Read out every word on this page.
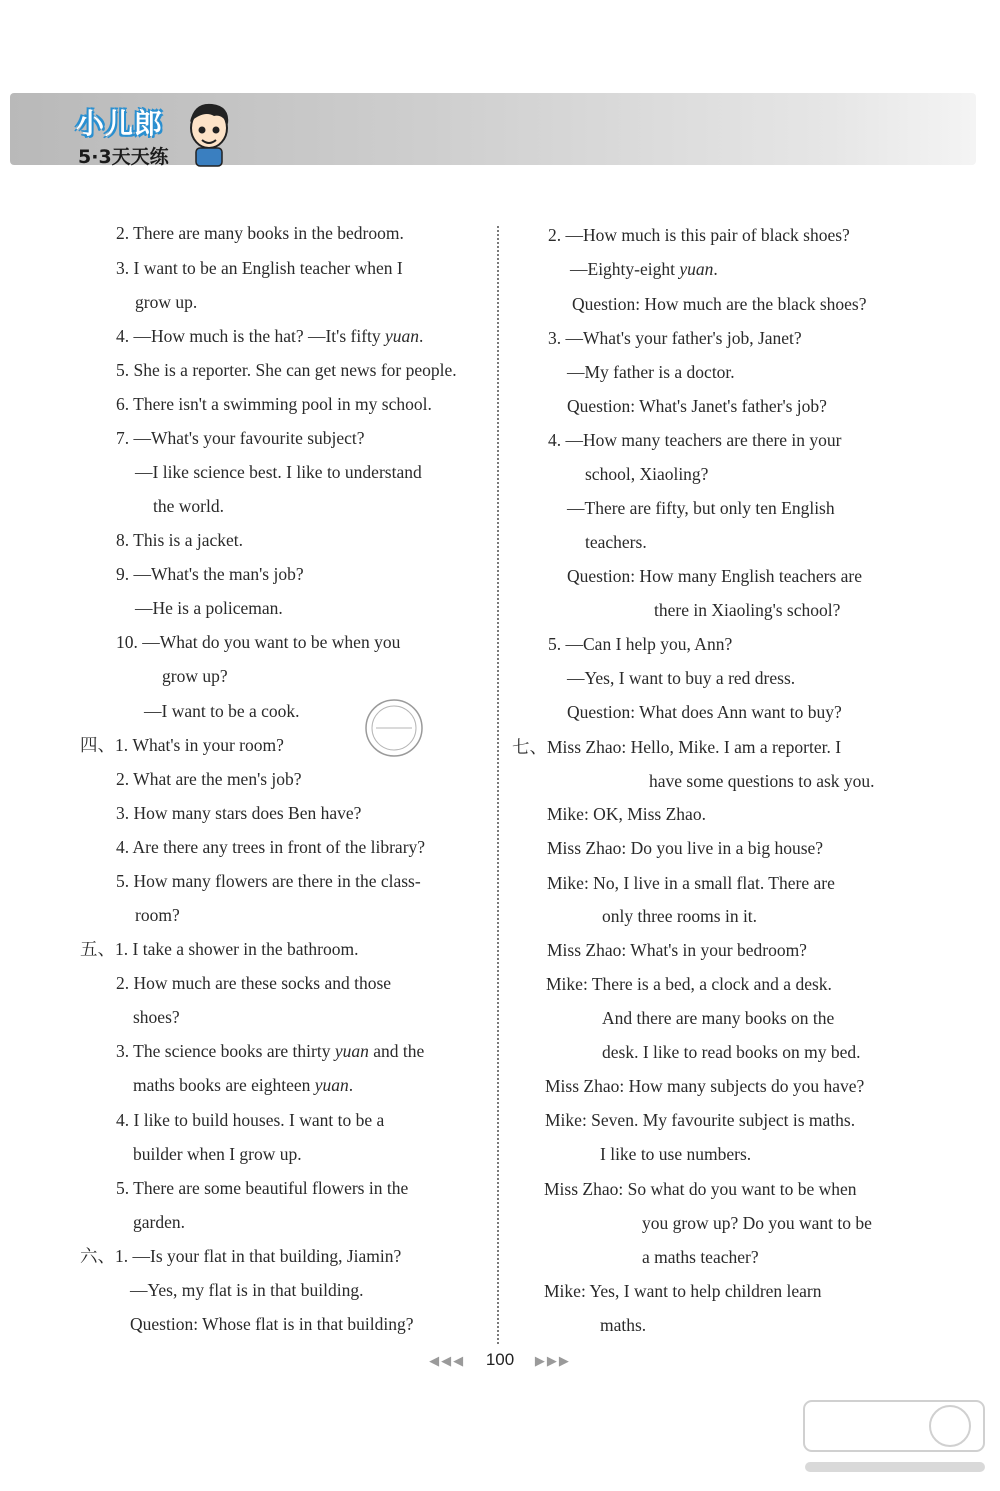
小儿郎
5·3天天练
2. There are many books in the bedroom.
3. I want to be an English teacher when I
grow up.
4. —How much is the hat? —It's fifty yuan.
5. She is a reporter. She can get news for people.
6. There isn't a swimming pool in my school.
7. —What's your favourite subject?
—I like science best. I like to understand
the world.
8. This is a jacket.
9. —What's the man's job?
—He is a policeman.
10. —What do you want to be when you
grow up?
—I want to be a cook.
四、1. What's in your room?
2. What are the men's job?
3. How many stars does Ben have?
4. Are there any trees in front of the library?
5. How many flowers are there in the class-
room?
五、1. I take a shower in the bathroom.
2. How much are these socks and those
shoes?
3. The science books are thirty yuan and the
maths books are eighteen yuan.
4. I like to build houses. I want to be a
builder when I grow up.
5. There are some beautiful flowers in the
garden.
六、1. —Is your flat in that building, Jiamin?
—Yes, my flat is in that building.
Question: Whose flat is in that building?
2. —How much is this pair of black shoes?
—Eighty-eight yuan.
Question: How much are the black shoes?
3. —What's your father's job, Janet?
—My father is a doctor.
Question: What's Janet's father's job?
4. —How many teachers are there in your
school, Xiaoling?
—There are fifty, but only ten English
teachers.
Question: How many English teachers are
there in Xiaoling's school?
5. —Can I help you, Ann?
—Yes, I want to buy a red dress.
Question: What does Ann want to buy?
七、Miss Zhao: Hello, Mike. I am a reporter. I
have some questions to ask you.
Mike: OK, Miss Zhao.
Miss Zhao: Do you live in a big house?
Mike: No, I live in a small flat. There are
only three rooms in it.
Miss Zhao: What's in your bedroom?
Mike: There is a bed, a clock and a desk.
And there are many books on the
desk. I like to read books on my bed.
Miss Zhao: How many subjects do you have?
Mike: Seven. My favourite subject is maths.
I like to use numbers.
Miss Zhao: So what do you want to be when
you grow up? Do you want to be
a maths teacher?
Mike: Yes, I want to help children learn
maths.
◀◀◀ 100 ▶▶▶
